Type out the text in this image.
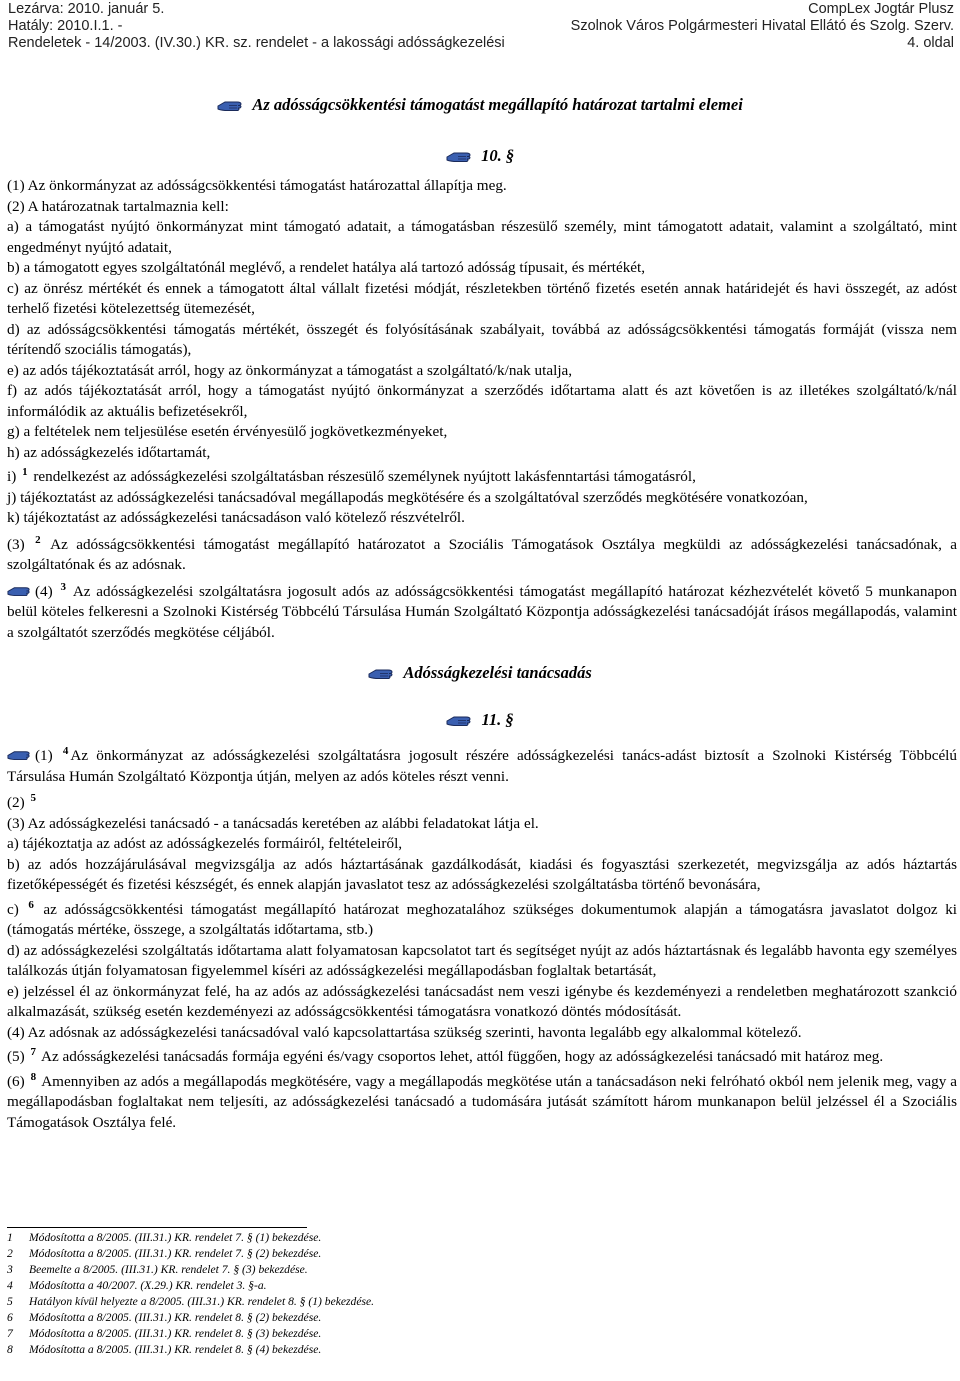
Lezárva: 2010. január 5.
Hatály: 2010.I.1. -
Rendeletek - 14/2003. (IV.30.) KR. sz. rendelet - a lakossági adósságkezelési
CompLex Jogtár Plusz
Szolnok Város Polgármesteri Hivatal Ellátó és Szolg. Szerv.
4. oldal
Az adósságcsökkentési támogatást megállapító határozat tartalmi elemei
10. §

(1) Az önkormányzat az adósságcsökkentési támogatást határozattal állapítja meg.

(2) A határozatnak tartalmaznia kell:

a) a támogatást nyújtó önkormányzat mint támogató adatait, a támogatásban részesülő személy, mint támogatott adatait, valamint a szolgáltató, mint engedményt nyújtó adatait,

b) a támogatott egyes szolgáltatónál meglévő, a rendelet hatálya alá tartozó adósság típusait, és mértékét,

c) az önrész mértékét és ennek a támogatott által vállalt fizetési módját, részletekben történő fizetés esetén annak határidejét és havi összegét, az adóst terhelő fizetési kötelezettség ütemezését,

d) az adósságcsökkentési támogatás mértékét, összegét és folyósításának szabályait, továbbá az adósságcsökkentési támogatás formáját (vissza nem térítendő szociális támogatás),

e) az adós tájékoztatását arról, hogy az önkormányzat a támogatást a szolgáltató/k/nak utalja,

f) az adós tájékoztatását arról, hogy a támogatást nyújtó önkormányzat a szerződés időtartama alatt és azt követően is az illetékes szolgáltató/k/nál informálódik az aktuális befizetésekről,

g) a feltételek nem teljesülése esetén érvényesülő jogkövetkezményeket,

h) az adósságkezelés időtartamát,

i) $^1$ rendelkezést az adósságkezelési szolgáltatásban részesülő személynek nyújtott lakásfenntartási támogatásról,

j) tájékoztatást az adósságkezelési tanácsadóval megállapodás megkötésére és a szolgáltatóval szerződés megkötésére vonatkozóan,

k) tájékoztatást az adósságkezelési tanácsadáson való kötelező részvételről.

(3) $^2$ Az adósságcsökkentési támogatást megállapító határozatot a Szociális Támogatások Osztálya megküldi az adósságkezelési tanácsadónak, a szolgáltatónak és az adósnak.

(4) $^3$ Az adósságkezelési szolgáltatásra jogosult adós az adósságcsökkentési támogatást megállapító határozat kézhezvételét követő 5 munkanapon belül köteles felkeresni a Szolnoki Kistérség Többcélú Társulása Humán Szolgáltató Központja adósságkezelési tanácsadóját írásos megállapodás, valamint a szolgáltatót szerződés megkötése céljából.

Adósságkezelési tanácsadás
11. §

(1) $^4$ Az önkormányzat az adósságkezelési szolgáltatásra jogosult részére adósságkezelési tanács-adást biztosít a Szolnoki Kistérség Többcélú Társulása Humán Szolgáltató Központja útján, melyen az adós köteles részt venni.

(2) $^5$

(3) Az adósságkezelési tanácsadó - a tanácsadás keretében az alábbi feladatokat látja el.

a) tájékoztatja az adóst az adósságkezelés formáiról, feltételeiről,

b) az adós hozzájárulásával megvizsgálja az adós háztartásának gazdálkodását, kiadási és fogyasztási szerkezetét, megvizsgálja az adós háztartás fizetőképességét és fizetési készségét, és ennek alapján javaslatot tesz az adósságkezelési szolgáltatásba történő bevonására,

c) $^6$ az adósságcsökkentési támogatást megállapító határozat meghozatalához szükséges dokumentumok alapján a támogatásra javaslatot dolgoz ki (támogatás mértéke, összege, a szolgáltatás időtartama, stb.)

d) az adósságkezelési szolgáltatás időtartama alatt folyamatosan kapcsolatot tart és segítséget nyújt az adós háztartásnak és legalább havonta egy személyes találkozás útján folyamatosan figyelemmel kíséri az adósságkezelési megállapodásban foglaltak betartását,

e) jelzéssel él az önkormányzat felé, ha az adós az adósságkezelési tanácsadást nem veszi igénybe és kezdeményezi a rendeletben meghatározott szankció alkalmazását, szükség esetén kezdeményezi az adósságcsökkentési támogatásra vonatkozó döntés módosítását.

(4) Az adósnak az adósságkezelési tanácsadóval való kapcsolattartása szükség szerinti, havonta legalább egy alkalommal kötelező.

(5) $^7$ Az adósságkezelési tanácsadás formája egyéni és/vagy csoportos lehet, attól függően, hogy az adósságkezelési tanácsadó mit határoz meg.

(6) $^8$ Amennyiben az adós a megállapodás megkötésére, vagy a megállapodás megkötése után a tanácsadáson neki felróható okból nem jelenik meg, vagy a megállapodásban foglaltakat nem teljesíti, az adósságkezelési tanácsadó a tudomására jutását számított három munkanapon belül jelzéssel él a Szociális Támogatások Osztálya felé.

1 Módosította a 8/2005. (III.31.) KR. rendelet 7. § (1) bekezdése.
2 Módosította a 8/2005. (III.31.) KR. rendelet 7. § (2) bekezdése.
3 Beemelte a 8/2005. (III.31.) KR. rendelet 7. § (3) bekezdése.
4 Módosította a 40/2007. (X.29.) KR. rendelet 3. §-a.
5 Hatályon kívül helyezte a 8/2005. (III.31.) KR. rendelet 8. § (1) bekezdése.
6 Módosította a 8/2005. (III.31.) KR. rendelet 8. § (2) bekezdése.
7 Módosította a 8/2005. (III.31.) KR. rendelet 8. § (3) bekezdése.
8 Módosította a 8/2005. (III.31.) KR. rendelet 8. § (4) bekezdése.
